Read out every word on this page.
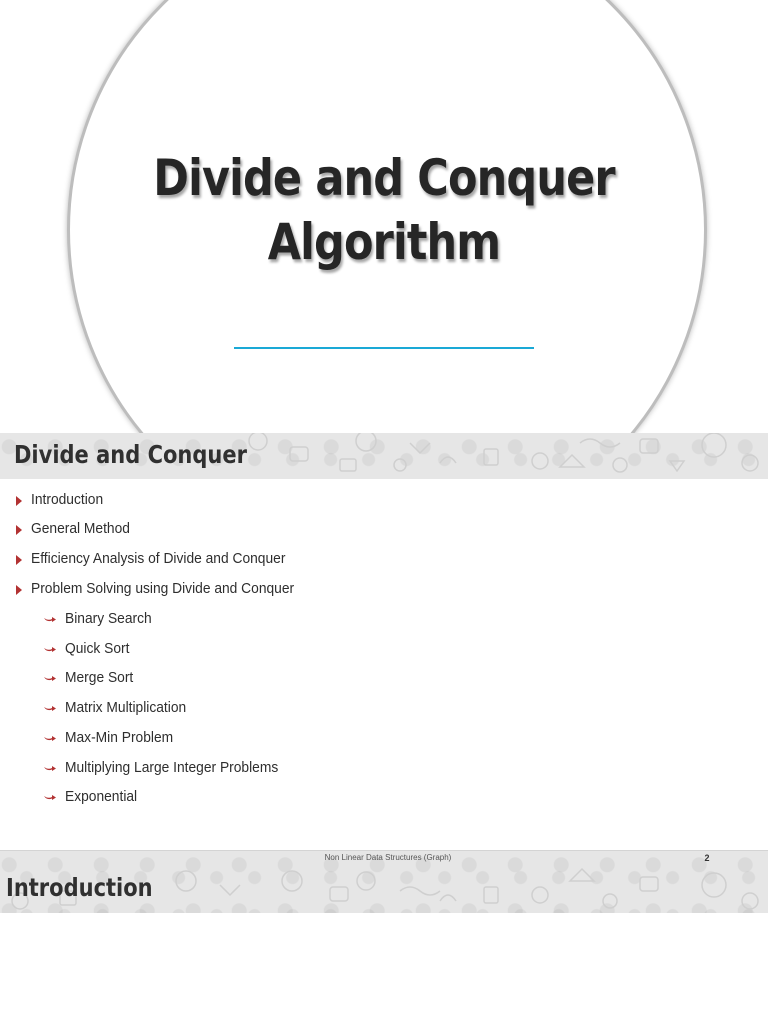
Divide and Conquer
Algorithm
Divide and Conquer
Introduction
General Method
Efficiency Analysis of Divide and Conquer
Problem Solving using Divide and Conquer
Binary Search
Quick Sort
Merge Sort
Matrix Multiplication
Max-Min Problem
Multiplying Large Integer Problems
Exponential
Non Linear Data Structures (Graph)	2
Introduction
